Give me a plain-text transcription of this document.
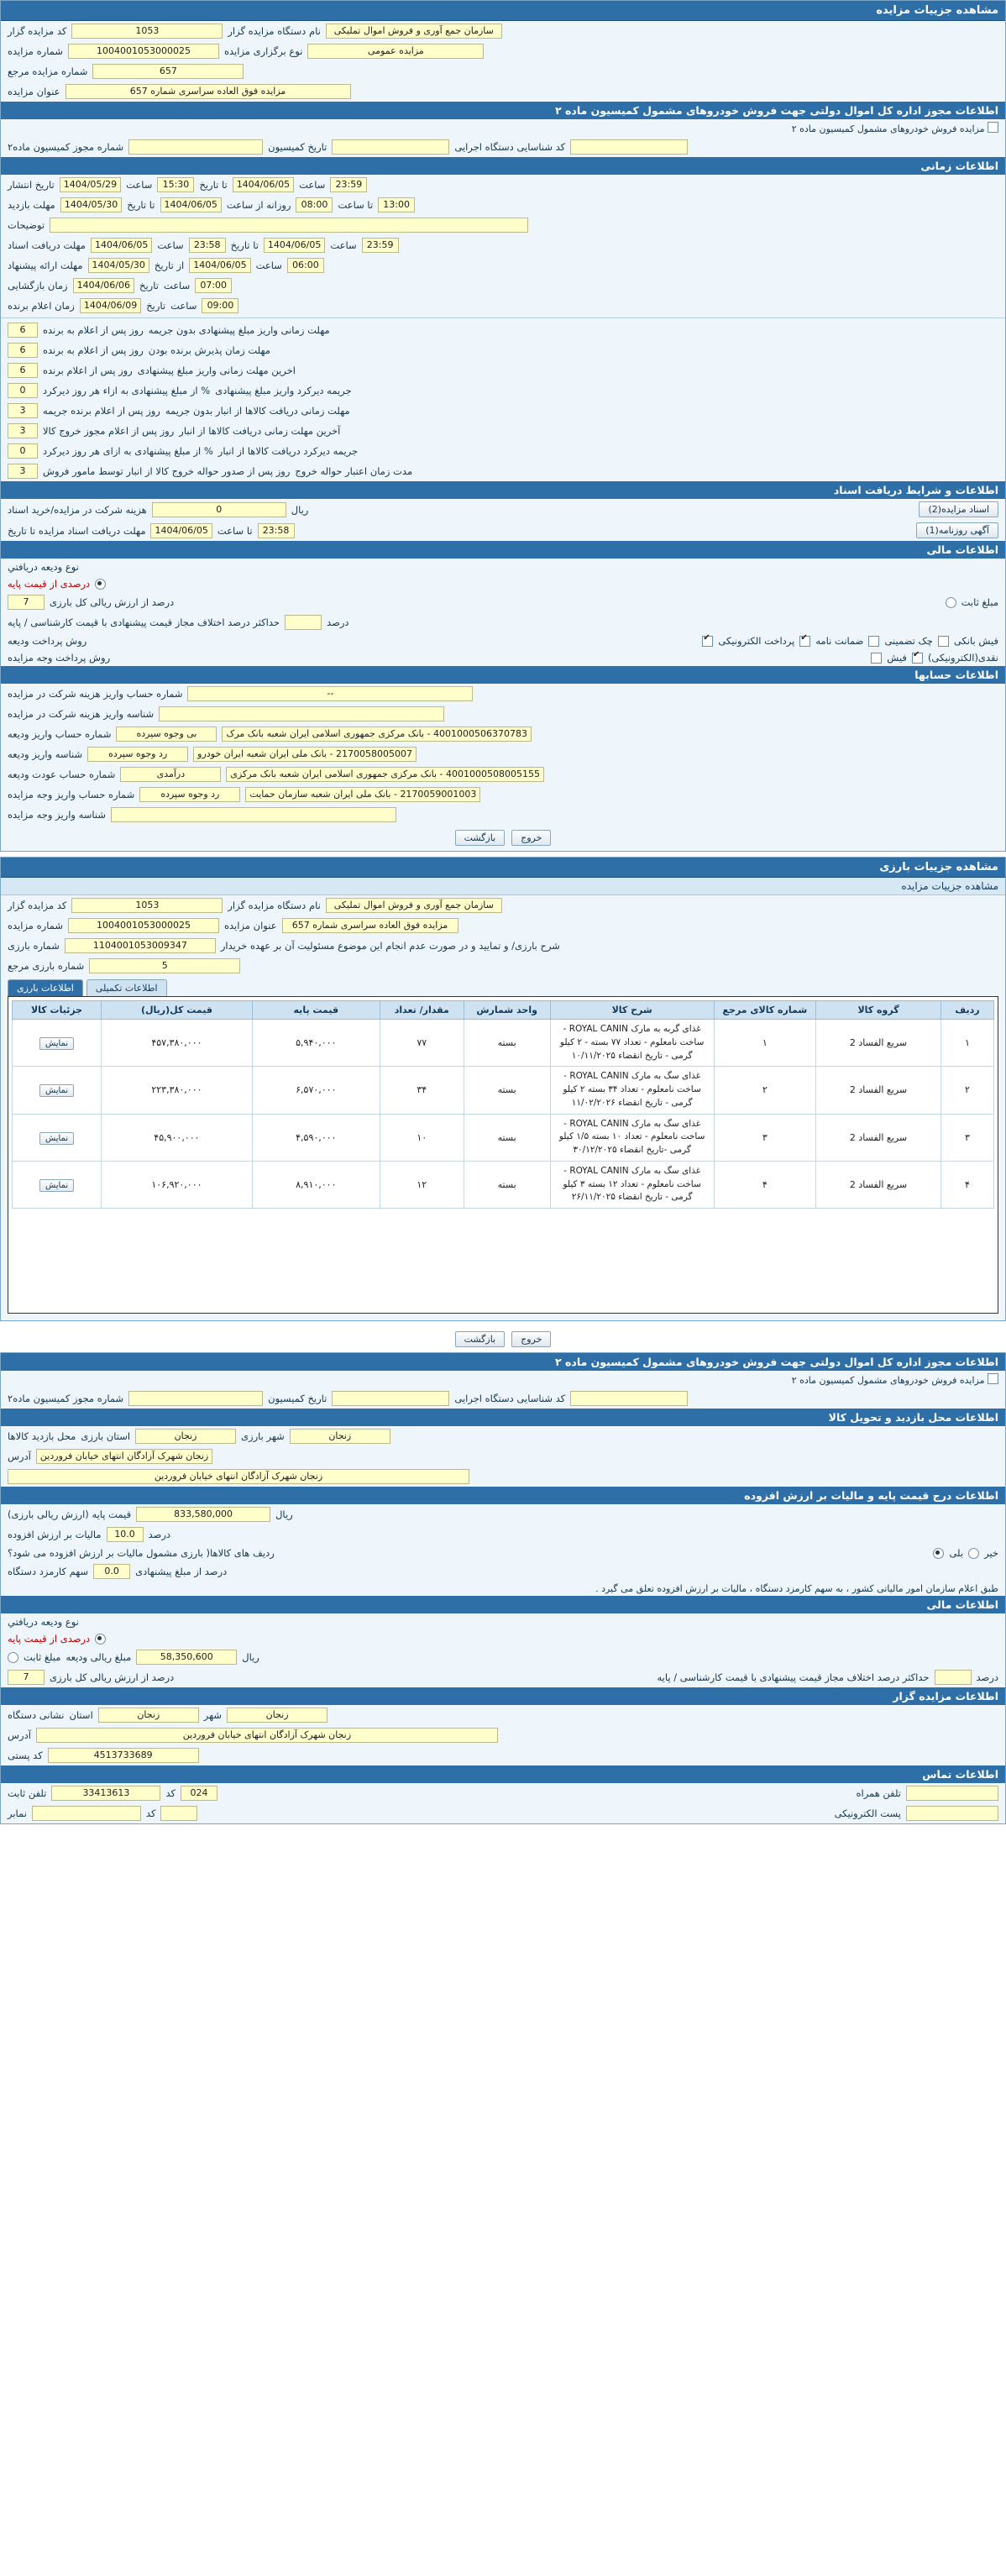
مشاهده جزییات مزایده
کد مزایده گزار	1053	نام دستگاه مزایده گزار	سازمان جمع آوری و فروش اموال تملیکی
شماره مزایده	1004001053000025	نوع برگزاری مزایده	مزایده عمومی
شماره مزایده مرجع	657
عنوان مزایده	مزایده فوق العاده سراسری شماره 657
اطلاعات مجوز اداره کل اموال دولتی جهت فروش خودروهای مشمول کمیسیون ماده ۲
مزایده فروش خودروهای مشمول کمیسیون ماده ۲
شماره مجوز کمیسیون ماده۲	تاریخ کمیسیون	کد شناسایی دستگاه اجرایی
اطلاعات زمانی
تاریخ انتشار	1404/05/29 ساعت	15:30	تا تاریخ	1404/06/05 ساعت	23:59
مهلت بازدید	1404/05/30 تا تاریخ	1404/06/05 روزانه از ساعت	08:00	تا ساعت	13:00
توضیحات
مهلت دریافت اسناد	1404/06/05 ساعت	23:58	تا تاریخ	1404/06/05 ساعت	23:59
مهلت ارائه پیشنهاد	1404/05/30 از تاریخ	1404/06/05 ساعت	06:00
زمان بازگشایی	1404/06/06 تاریخ ساعت	07:00
زمان اعلام برنده	1404/06/09 تاریخ ساعت	09:00
6	روز پس از اعلام به برنده مهلت زمانی واریز مبلغ پیشنهادی بدون جریمه
6	روز پس از اعلام به برنده مهلت زمان پذیرش برنده بودن
6	روز پس از اعلام برنده اخرین مهلت زمانی واریز مبلغ پیشنهادی
0	% از مبلغ پیشنهادی به ازاء هر روز دیرکرد جریمه دیرکرد واریز مبلغ پیشنهادی
3	روز پس از اعلام برنده جریمه مهلت زمانی دریافت کالاها از انبار بدون جریمه
3	روز پس از اعلام مجوز خروج کالا آخرین مهلت زمانی دریافت کالاها از انبار
0	% از مبلغ پیشنهادی به ازای هر روز دیرکرد جریمه دیرکرد دریافت کالاها از انبار
3	روز پس از صدور حواله خروج کالا از انبار توسط مامور فروش مدت زمان اعتبار حواله خروج
اطلاعات و شرایط دریافت اسناد
هزینه شرکت در مزایده/خرید اسناد	0	ریال	اسناد مزایده(2)
مهلت دریافت اسناد مزایده تا تاریخ	1404/06/05 تا ساعت	23:58	آگهی روزنامه(1)
اطلاعات مالی
نوع وديعه دريافتي
درصدی از قیمت پایه
7	درصد از ارزش ریالی کل بارزی	مبلغ ثابت
حداکثر درصد اختلاف مجاز قیمت پیشنهادی با قیمت کارشناسی / پایه	درصد
روش پرداخت ودیعه ✔	پرداخت الکترونیکی ✔ ضمانت نامه چک تضمینی فیش بانکی
روش پرداخت وجه مزایده	فیش ✔ نقدی(الکترونیکی)
اطلاعات حسابها
شماره حساب واریز هزینه شرکت در مزایده	--
شناسه واریز هزینه شرکت در مزایده
شماره حساب واریز ودیعه	بی وجوه سپرده	4001000506370783 - بانک مرکزی جمهوری اسلامی ایران شعبه بانک مرک
شناسه واریز ودیعه	رد وجوه سپرده	2170058005007 - بانک ملی ایران شعبه ایران خودرو
شماره حساب عودت ودیعه	درآمدی	4001000508005155 - بانک مرکزی جمهوری اسلامی ایران شعبه بانک مرکزی
شماره حساب واریز وجه مزایده	رد وجوه سپرده	2170059001003 - بانک ملی ایران شعبه سازمان حمایت
شناسه واریز وجه مزایده
بازگشت	خروج
مشاهده جزییات بارزی
مشاهده جزییات مزایده
کد مزایده گزار	1053	نام دستگاه مزایده گزار	سازمان جمع آوری و فروش اموال تملیکی
شماره مزایده	1004001053000025	عنوان مزایده	مزایده فوق العاده سراسری شماره 657
شماره بارزی	1104001053009347	شرح بارزی/ و تمایید و در صورت عدم انجام این موضوع مسئولیت آن بر عهده خریدار
شماره بارزی مرجع	5
اطلاعات بارزی	اطلاعات تکمیلی
ردیف	گروه کالا	شماره کالای مرجع	شرح کالا	واحد شمارش	مقدار/ تعداد	قیمت پایه	قیمت کل(ریال)	جزئیات کالا
۱	سریع الفساد 2	۱	غذای گربه به مارک ROYAL CANIN - ساخت نامعلوم - تعداد ۷۷ بسته - ۲ کیلو گرمی - تاریخ انقضاء ۱۰/۱۱/۲۰۲۵	بسته	۷۷	۵,۹۴۰,۰۰۰	۴۵۷,۳۸۰,۰۰۰	نمایش
۲	سریع الفساد 2	۲	غذای سگ به مارک ROYAL CANIN - ساخت نامعلوم - تعداد ۳۴ بسته ۲ کیلو گرمی - تاریخ انقضاء ۱۱/۰۲/۲۰۲۶	بسته	۳۴	۶,۵۷۰,۰۰۰	۲۲۳,۳۸۰,۰۰۰	نمایش
۳	سریع الفساد 2	۳	غذای سگ به مارک ROYAL CANIN - ساخت نامعلوم - تعداد ۱۰ بسته ۱/۵ کیلو گرمی -تاریخ انقضاء ۳۰/۱۲/۲۰۲۵	بسته	۱۰	۴,۵۹۰,۰۰۰	۴۵,۹۰۰,۰۰۰	نمایش
۴	سریع الفساد 2	۴	غذای سگ به مارک ROYAL CANIN - ساخت نامعلوم - تعداد ۱۲ بسته ۳ کیلو گرمی - تاریخ انقضاء ۲۶/۱۱/۲۰۲۵	بسته	۱۲	۸,۹۱۰,۰۰۰	۱۰۶,۹۲۰,۰۰۰	نمایش
بازگشت	خروج
اطلاعات مجوز اداره کل اموال دولتی جهت فروش خودروهای مشمول کمیسیون ماده ۲
مزایده فروش خودروهای مشمول کمیسیون ماده ۲
شماره مجوز کمیسیون ماده۲	تاریخ کمیسیون	کد شناسایی دستگاه اجرایی
اطلاعات محل بازدید و تحویل کالا
محل بازدید کالاها استان بارزی	زنجان	شهر بارزی	زنجان
آدرس	زنجان شهرک آزادگان انتهای خیابان فروردین
زنجان شهرک آزادگان انتهای خیابان فروردین
اطلاعات درج قیمت پایه و مالیات بر ارزش افزوده
قیمت پایه (ارزش ریالی بارزی)	833,580,000	ریال
مالیات بر ارزش افزوده	10.0	درصد
ردیف های کالاها( بارزی مشمول مالیات بر ارزش افزوده می شود؟	بلی خیر
سهم کارمزد دستگاه	0.0	درصد از مبلغ پیشنهادی
طبق اعلام سازمان امور مالیاتی کشور ، به سهم کارمزد دستگاه ، مالیات بر ارزش افزوده تعلق می گیرد .
اطلاعات مالی
نوع وديعه دريافتي
درصدی از قیمت پایه
مبلغ ثابت مبلغ ریالی ودیعه	58,350,600	ریال
7	درصد از ارزش ریالی کل بارزی	حداکثر درصد اختلاف مجاز قیمت پیشنهادی با قیمت کارشناسی / پایه	درصد
اطلاعات مزایده گزار
نشانی دستگاه استان	زنجان	شهر	زنجان
آدرس	زنجان شهرک آزادگان انتهای خیابان فروردین
کد پستی	4513733689
اطلاعات تماس
تلفن ثابت	33413613	کد	024	تلفن همراه
نمابر	کد	پست الکترونیکی
